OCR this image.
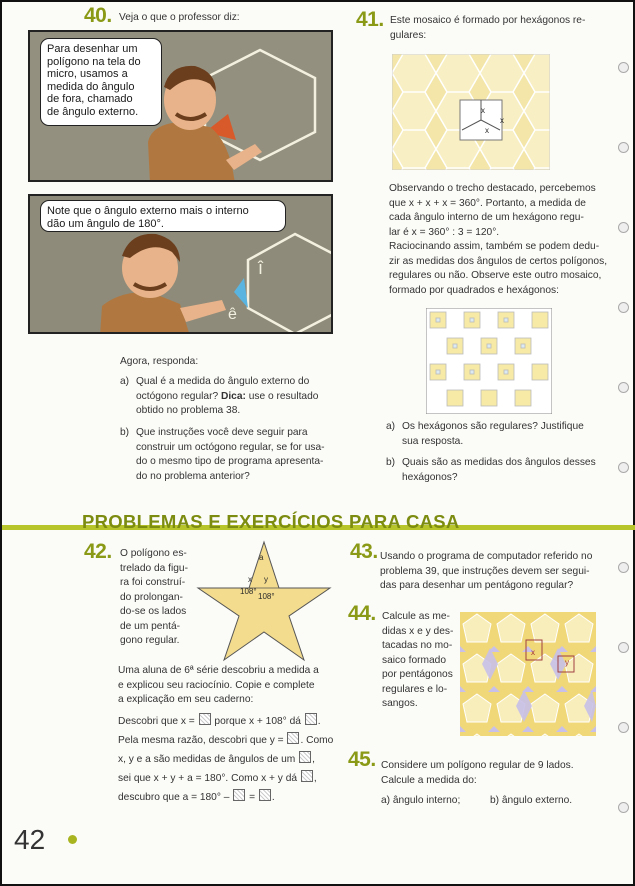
40. Veja o que o professor diz:
Para desenhar um
polígono na tela do
micro, usamos a
medida do ângulo
de fora, chamado
de ângulo externo.
î
ê
Note que o ângulo externo mais o interno
dão um ângulo de 180°.
Agora, responda:
a) Qual é a medida do ângulo externo do
octógono regular? Dica: use o resultado
obtido no problema 38.
b) Que instruções você deve seguir para
construir um octógono regular, se for usa-
do o mesmo tipo de programa apresenta-
do no problema anterior?
41. Este mosaico é formado por hexágonos re-
gulares:
x
x
x
Observando o trecho destacado, percebemos
que x + x + x = 360°. Portanto, a medida de
cada ângulo interno de um hexágono regu-
lar é x = 360° : 3 = 120°.
Raciocinando assim, também se podem dedu-
zir as medidas dos ângulos de certos polígonos,
regulares ou não. Observe este outro mosaico,
formado por quadrados e hexágonos:
a) Os hexágonos são regulares? Justifique
sua resposta.
b) Quais são as medidas dos ângulos desses
hexágonos?
PROBLEMAS E EXERCÍCIOS PARA CASA
42. O polígono es-
trelado da figu-
ra foi construí-
do prolongan-
do-se os lados
de um pentá-
gono regular.
a
x y
108°
108°
Uma aluna de 6ª série descobriu a medida a
e explicou seu raciocínio. Copie e complete
a explicação em seu caderno:
Descobri que x = porque x + 108° dá .
Pela mesma razão, descobri que y = . Como
x, y e a são medidas de ângulos de um ,
sei que x + y + a = 180°. Como x + y dá ,
descubro que a = 180° – = .
43. Usando o programa de computador referido no
problema 39, que instruções devem ser segui-
das para desenhar um pentágono regular?
44. Calcule as me-
didas x e y des-
tacadas no mo-
saico formado
por pentágonos
regulares e lo-
sangos.
x
y
45. Considere um polígono regular de 9 lados.
Calcule a medida do:
a) ângulo interno;	b) ângulo externo.
42
